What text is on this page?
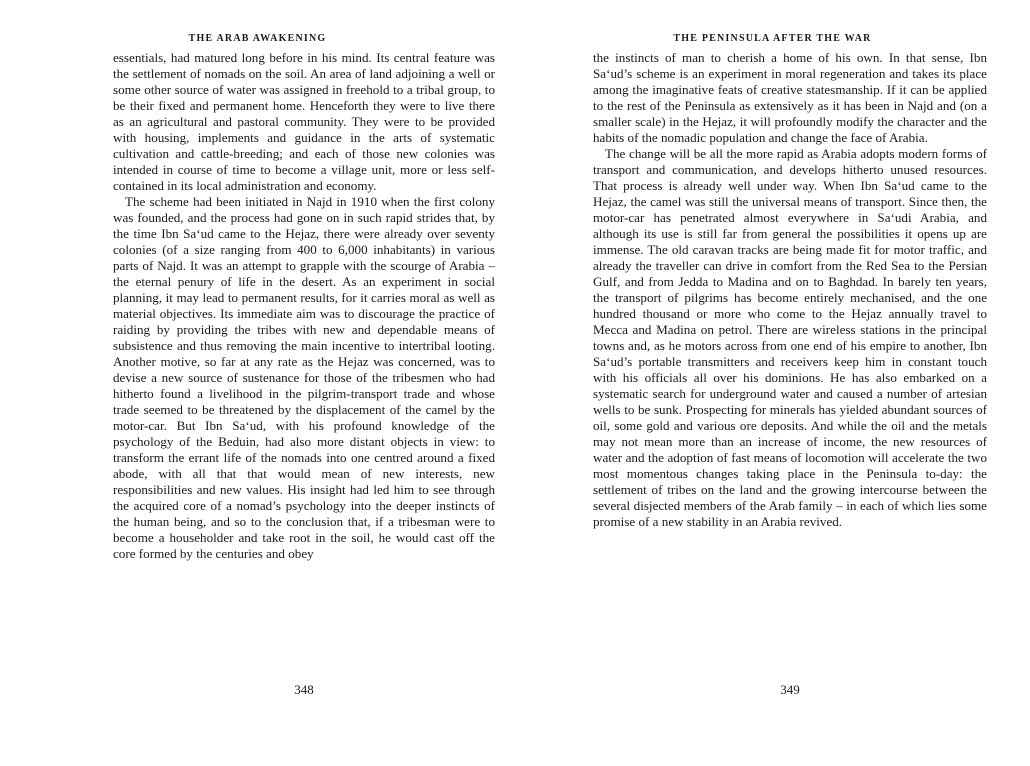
THE ARAB AWAKENING

essentials, had matured long before in his mind. Its central feature was the settlement of nomads on the soil. An area of land adjoining a well or some other source of water was assigned in freehold to a tribal group, to be their fixed and permanent home. Henceforth they were to live there as an agricultural and pastoral community. They were to be provided with housing, implements and guidance in the arts of systematic cultivation and cattle-breeding; and each of those new colonies was intended in course of time to become a village unit, more or less self-contained in its local administration and economy.

The scheme had been initiated in Najd in 1910 when the first colony was founded, and the process had gone on in such rapid strides that, by the time Ibn Sa‘ud came to the Hejaz, there were already over seventy colonies (of a size ranging from 400 to 6,000 inhabitants) in various parts of Najd. It was an attempt to grapple with the scourge of Arabia – the eternal penury of life in the desert. As an experiment in social planning, it may lead to permanent results, for it carries moral as well as material objectives. Its immediate aim was to discourage the practice of raiding by providing the tribes with new and dependable means of subsistence and thus removing the main incentive to intertribal looting. Another motive, so far at any rate as the Hejaz was concerned, was to devise a new source of sustenance for those of the tribesmen who had hitherto found a livelihood in the pilgrim-transport trade and whose trade seemed to be threatened by the displacement of the camel by the motor-car. But Ibn Sa‘ud, with his profound knowledge of the psychology of the Beduin, had also more distant objects in view: to transform the errant life of the nomads into one centred around a fixed abode, with all that that would mean of new interests, new responsibilities and new values. His insight had led him to see through the acquired core of a nomad’s psychology into the deeper instincts of the human being, and so to the conclusion that, if a tribesman were to become a householder and take root in the soil, he would cast off the core formed by the centuries and obey

348
THE PENINSULA AFTER THE WAR

the instincts of man to cherish a home of his own. In that sense, Ibn Sa‘ud’s scheme is an experiment in moral regeneration and takes its place among the imaginative feats of creative statesmanship. If it can be applied to the rest of the Peninsula as extensively as it has been in Najd and (on a smaller scale) in the Hejaz, it will profoundly modify the character and the habits of the nomadic population and change the face of Arabia.

The change will be all the more rapid as Arabia adopts modern forms of transport and communication, and develops hitherto unused resources. That process is already well under way. When Ibn Sa‘ud came to the Hejaz, the camel was still the universal means of transport. Since then, the motor-car has penetrated almost everywhere in Sa‘udi Arabia, and although its use is still far from general the possibilities it opens up are immense. The old caravan tracks are being made fit for motor traffic, and already the traveller can drive in comfort from the Red Sea to the Persian Gulf, and from Jedda to Madina and on to Baghdad. In barely ten years, the transport of pilgrims has become entirely mechanised, and the one hundred thousand or more who come to the Hejaz annually travel to Mecca and Madina on petrol. There are wireless stations in the principal towns and, as he motors across from one end of his empire to another, Ibn Sa‘ud’s portable transmitters and receivers keep him in constant touch with his officials all over his dominions. He has also embarked on a systematic search for underground water and caused a number of artesian wells to be sunk. Prospecting for minerals has yielded abundant sources of oil, some gold and various ore deposits. And while the oil and the metals may not mean more than an increase of income, the new resources of water and the adoption of fast means of locomotion will accelerate the two most momentous changes taking place in the Peninsula to-day: the settlement of tribes on the land and the growing intercourse between the several disjected members of the Arab family – in each of which lies some promise of a new stability in an Arabia revived.

349
